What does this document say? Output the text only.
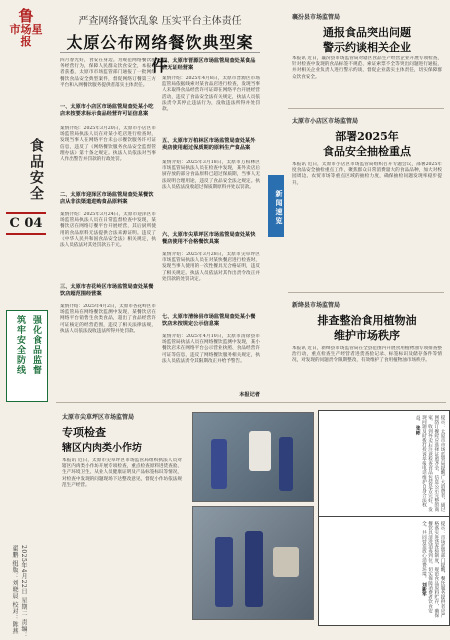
鲁
市场星报
食品安全
C 04
强化食品监督
筑牢安全防线
2025年4月22日 星期二 责编：翟鹏 组版：刘晓晨 校对：陈燕
严查网络餐饮乱象 压实平台主体责任
太原公布网络餐饮典型案件
四月春光好，食安在身边。为规范网络餐饮服务经营行为，保障人民群众饮食安全，本报记者获悉，太原市市场监管部门通报了一批网络餐饮食品安全典型案件，督促网络订餐第三方平台和入网餐饮服务提供者落实主体责任。
一、太原市小店区市场监管局查处某小吃店未按要求标示食品经营许可证信息案
案情介绍：2025年3月20日，太原市小店区市场监管局执法人员在对某小吃店进行检查时，发现当事人在网络平台未公示餐饮服务许可证信息，违反了《网络餐饮服务食品安全监督管理办法》第十条之规定。执法人员依法对当事人作出警告并罚款的行政处罚。
二、太原市迎泽区市场监管局查处某餐饮店从非法渠道进购食品原料案
案情介绍：2025年3月24日，太原市迎泽区市场监管局执法人员在日常监督检查中发现，某餐饮店在网络订餐平台开展经营，其后厨所使用的食品原料无法提供合法来源证明。违反了《中华人民共和国食品安全法》相关规定，执法人员依法对其处罚款五千元。
三、太原市杏花岭区市场监管局查处某餐饮店超范围经营案
案情介绍：2025年4月2日，太原市杏花岭区市场监管局在网络餐饮监测中发现，某餐饮店在网络平台销售生食类食品，超出了食品经营许可证核定的经营范围，违反了相关法律法规，执法人员依法没收违法所得并处罚款。
四、太原市晋源区市场监管局查处某食品店无证经营案
案情介绍：2025年4月8日，太原市晋源区市场监管局依据线索对某食品店进行检查，发现当事人未取得食品经营许可证即在网络平台开展经营活动，违反了食品安全法有关规定，执法人员依法责令其停止违法行为，没收违法所得并处罚款。
五、太原市万柏林区市场监管局查处某外卖店使用超过保质期的原料生产食品案
案情介绍：2025年3月18日，太原市万柏林区市场监管局执法人员在检查中发现，某外卖店后厨存放的部分食品原料已超过保质期，当事人无法说明合理用途，违反了食品安全法之规定。执法人员依法没收超过保质期原料并处以罚款。
六、太原市尖草坪区市场监管局查处某快餐店使用不合格餐饮具案
案情介绍：2025年3月28日，太原市尖草坪区市场监管局执法人员在对某快餐店进行检查时，发现当事人使用的一次性餐具无合格证明，违反了相关规定。执法人员依法对其作出责令改正并处罚款的处罚决定。
七、太原市清徐县市场监管局查处某小餐饮店未按规定公示信息案
案情介绍：2025年4月10日，太原市清徐县市场监管局执法人员在网络餐饮监测中发现，某小餐饮店未在网络平台公示营业执照、食品经营许可证等信息，违反了网络餐饮服务相关规定，执法人员依法责令其限期改正并给予警告。
本报记者
新闻速览
襄汾县市场监管局
通报食品突出问题
警示约谈相关企业
本报讯 近日，襄汾县市场监管局对辖区食品生产经营企业开展专项检查，针对检查中发现的食品标签不规范、索证索票不全等突出问题进行通报，并对相关企业负责人进行警示约谈，督促企业落实主体责任，切实保障群众饮食安全。
太原市小店区市场监管局
部署2025年
食品安全抽检重点
本报讯 近日，太原市小店区市场监管局组织召开专题会议，部署2025年度食品安全抽检重点工作，聚焦群众日常消费量大的食品品种，加大对校园周边、农贸市场等重点区域的抽检力度，确保抽检问题发现率稳步提升。
新绛县市场监管局
排查整治食用植物油
维护市场秩序
本报讯 近日，新绛县市场监管局在全县范围内开展食用植物油专项排查整治行动，重点检查生产经营者进货查验记录、标签标识及储存条件等情况，对发现的问题责令限期整改，有效维护了食用植物油市场秩序。
太原市尖草坪区市场监管局
专项检查
辖区内肉类小作坊
本报讯 近日，太原市尖草坪区市场监管局组织执法人员对辖区内肉类小作坊开展专项检查，重点检查原料进货查验、生产环境卫生、从业人员健康证明及产品标签标识等情况，对检查中发现的问题现场下达整改意见，督促小作坊依法规范生产经营。	提示：太原市市场监管局提醒广大消费者，通过网络订餐时应选择证照齐全、信息公示完整的商家，收到外卖后注意检查食品包装是否完好，发现问题及时拨打投诉举报电话维护自身合法权益。 张彬
提示：市场监管部门提醒，餐饮服务提供者应严格落实进货查验制度，规范食品原料贮存，确保餐饮具清洗消毒到位，切实保障消费者饮食安全，共同营造放心消费环境。 刘新军
